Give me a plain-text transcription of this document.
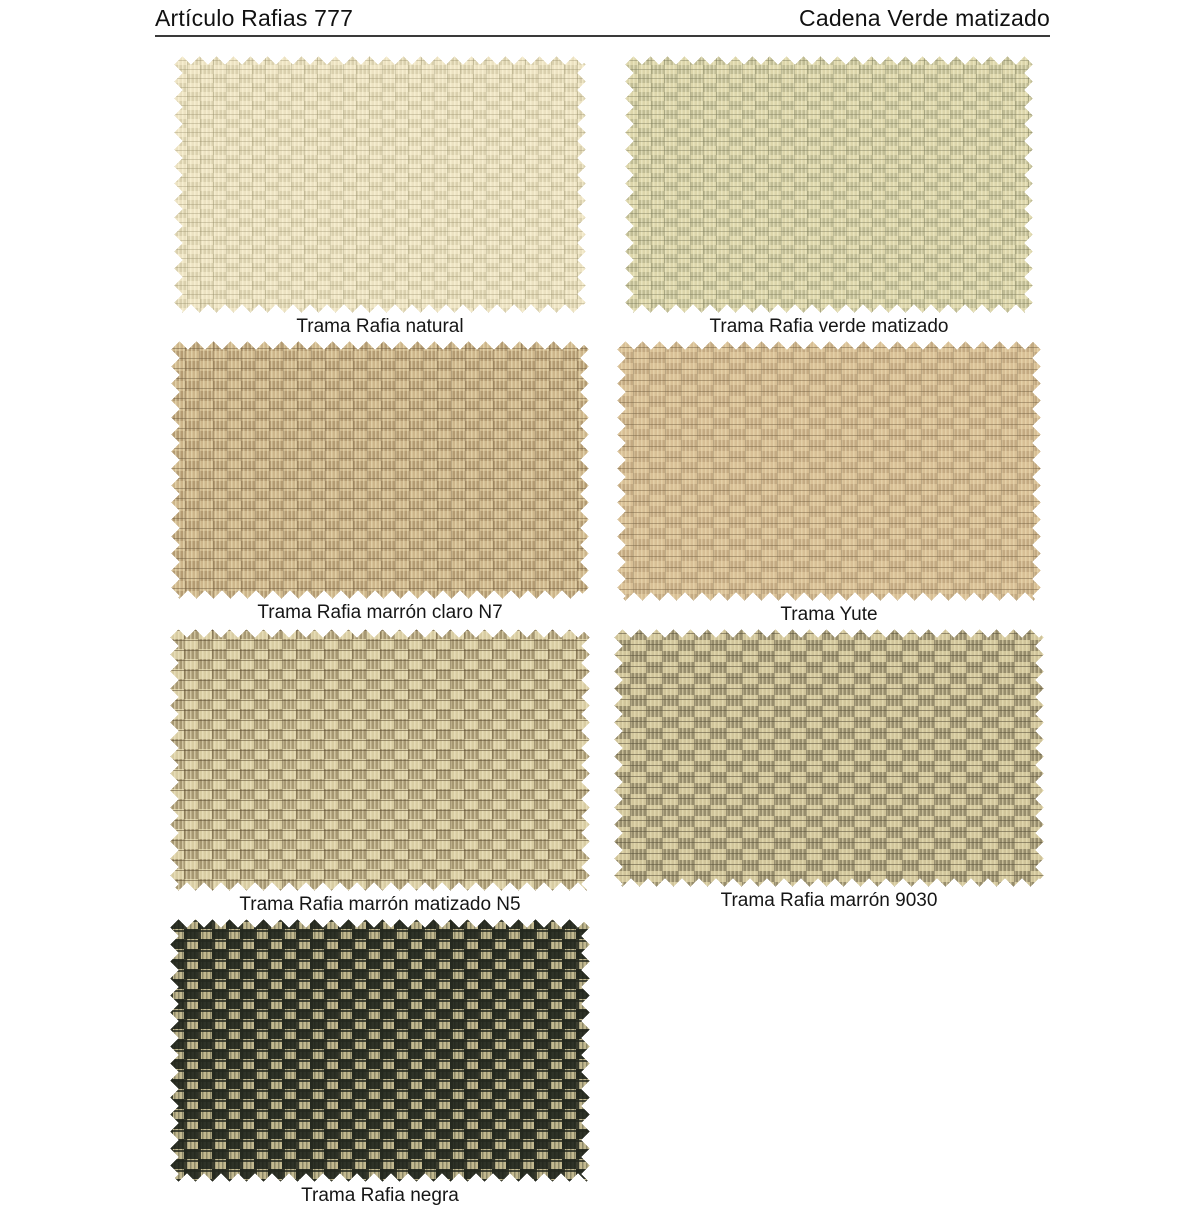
Artículo Rafias 777	Cadena Verde matizado
Trama Rafia natural	Trama Rafia verde matizado
Trama Rafia marrón claro N7	Trama Yute
Trama Rafia marrón matizado N5	Trama Rafia marrón 9030
Trama Rafia negra
